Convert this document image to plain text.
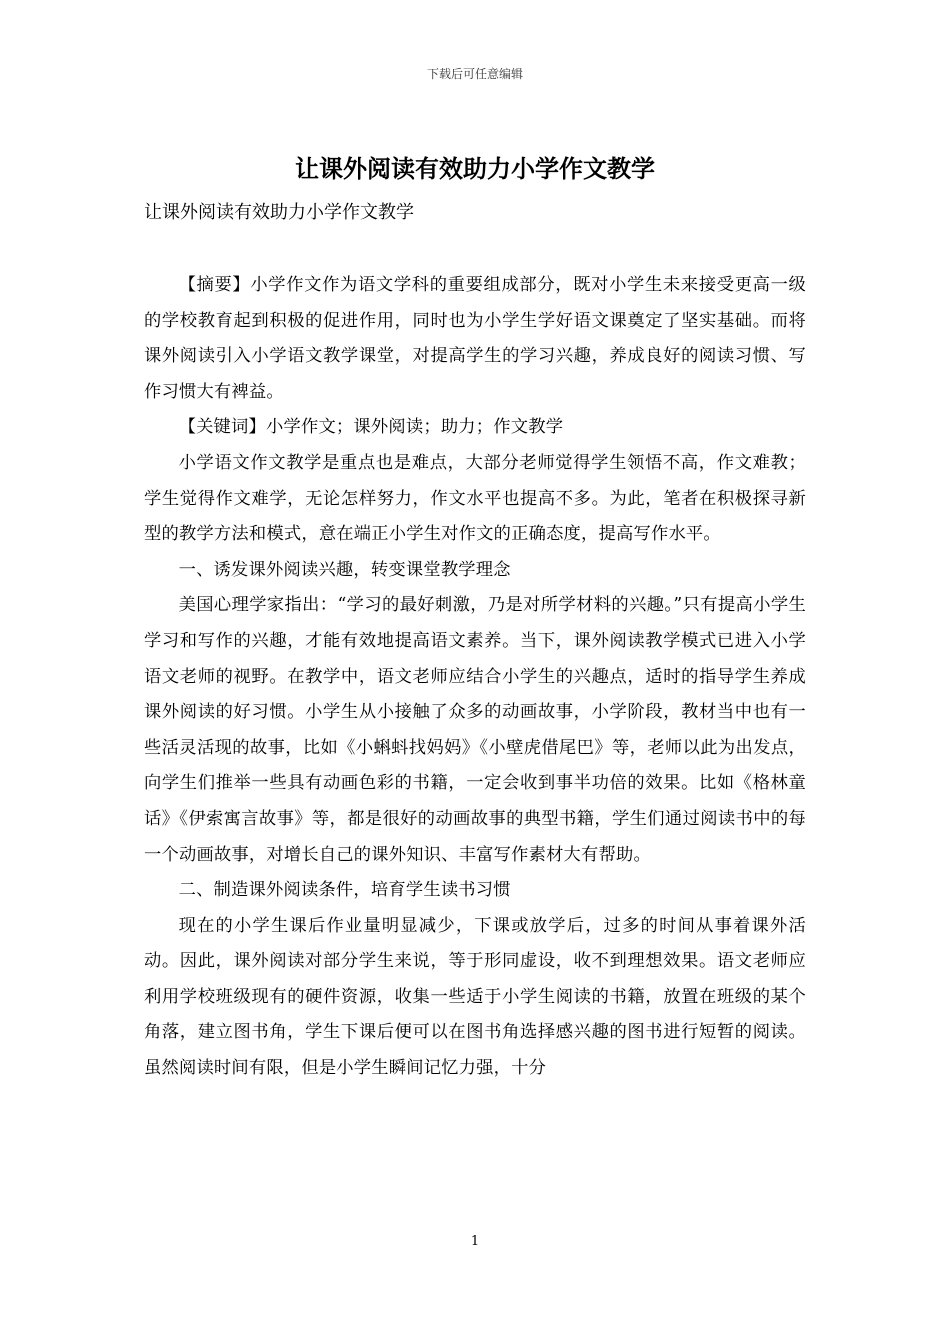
下载后可任意编辑
让课外阅读有效助力小学作文教学

让课外阅读有效助力小学作文教学

【摘要】小学作文作为语文学科的重要组成部分，既对小学生未来接受更高一级的学校教育起到积极的促进作用，同时也为小学生学好语文课奠定了坚实基础。而将课外阅读引入小学语文教学课堂，对提高学生的学习兴趣，养成良好的阅读习惯、写作习惯大有裨益。

【关键词】小学作文；课外阅读；助力；作文教学

小学语文作文教学是重点也是难点，大部分老师觉得学生领悟不高，作文难教；学生觉得作文难学，无论怎样努力，作文水平也提高不多。为此，笔者在积极探寻新型的教学方法和模式，意在端正小学生对作文的正确态度，提高写作水平。

一、诱发课外阅读兴趣，转变课堂教学理念

美国心理学家指出：“学习的最好刺激，乃是对所学材料的兴趣。”只有提高小学生学习和写作的兴趣，才能有效地提高语文素养。当下，课外阅读教学模式已进入小学语文老师的视野。在教学中，语文老师应结合小学生的兴趣点，适时的指导学生养成课外阅读的好习惯。小学生从小接触了众多的动画故事，小学阶段，教材当中也有一些活灵活现的故事，比如《小蝌蚪找妈妈》《小壁虎借尾巴》等，老师以此为出发点，向学生们推举一些具有动画色彩的书籍，一定会收到事半功倍的效果。比如《格林童话》《伊索寓言故事》等，都是很好的动画故事的典型书籍，学生们通过阅读书中的每一个动画故事，对增长自己的课外知识、丰富写作素材大有帮助。

二、制造课外阅读条件，培育学生读书习惯

现在的小学生课后作业量明显减少，下课或放学后，过多的时间从事着课外活动。因此，课外阅读对部分学生来说，等于形同虚设，收不到理想效果。语文老师应利用学校班级现有的硬件资源，收集一些适于小学生阅读的书籍，放置在班级的某个角落，建立图书角，学生下课后便可以在图书角选择感兴趣的图书进行短暂的阅读。虽然阅读时间有限，但是小学生瞬间记忆力强，十分

1
